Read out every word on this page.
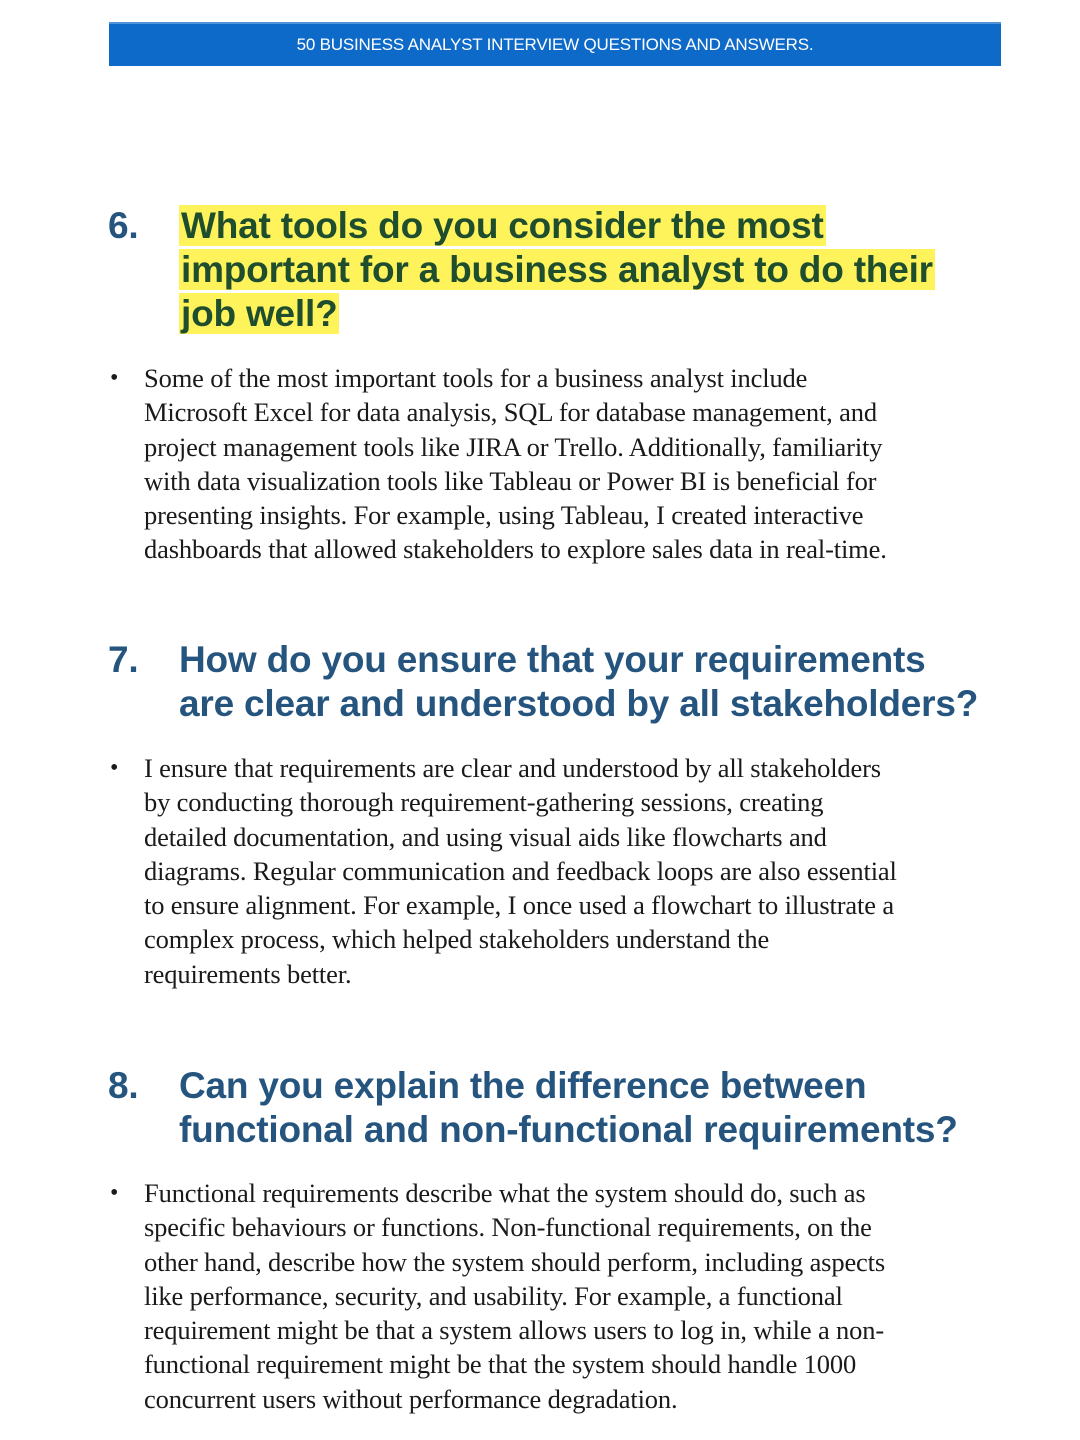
50 BUSINESS ANALYST INTERVIEW QUESTIONS AND ANSWERS.
6. What tools do you consider the most
important for a business analyst to do their
job well?
• Some of the most important tools for a business analyst include
Microsoft Excel for data analysis, SQL for database management, and
project management tools like JIRA or Trello. Additionally, familiarity
with data visualization tools like Tableau or Power BI is beneficial for
presenting insights. For example, using Tableau, I created interactive
dashboards that allowed stakeholders to explore sales data in real-time.
7. How do you ensure that your requirements
are clear and understood by all stakeholders?
• I ensure that requirements are clear and understood by all stakeholders
by conducting thorough requirement-gathering sessions, creating
detailed documentation, and using visual aids like flowcharts and
diagrams. Regular communication and feedback loops are also essential
to ensure alignment. For example, I once used a flowchart to illustrate a
complex process, which helped stakeholders understand the
requirements better.
8. Can you explain the difference between
functional and non-functional requirements?
• Functional requirements describe what the system should do, such as
specific behaviours or functions. Non-functional requirements, on the
other hand, describe how the system should perform, including aspects
like performance, security, and usability. For example, a functional
requirement might be that a system allows users to log in, while a non-
functional requirement might be that the system should handle 1000
concurrent users without performance degradation.
